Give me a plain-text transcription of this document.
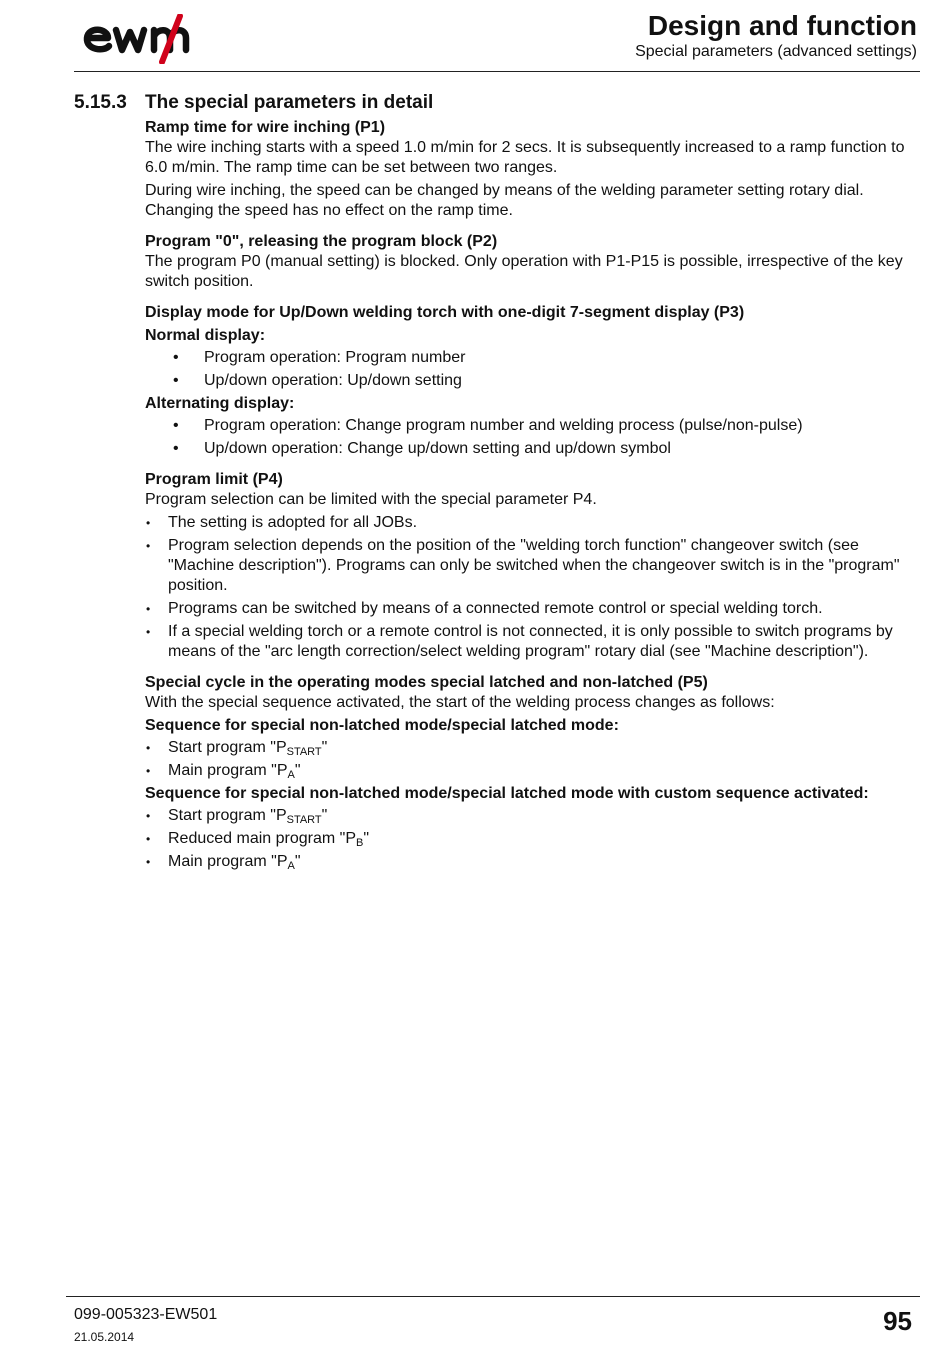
Design and function
Special parameters (advanced settings)
5.15.3 The special parameters in detail
Ramp time for wire inching (P1)

The wire inching starts with a speed 1.0 m/min for 2 secs. It is subsequently increased to a ramp function to 6.0 m/min. The ramp time can be set between two ranges.

During wire inching, the speed can be changed by means of the welding parameter setting rotary dial. Changing the speed has no effect on the ramp time.

Program "0", releasing the program block (P2)

The program P0 (manual setting) is blocked. Only operation with P1-P15 is possible, irrespective of the key switch position.

Display mode for Up/Down welding torch with one-digit 7-segment display (P3)
Normal display:
• Program operation: Program number
• Up/down operation: Up/down setting
Alternating display:
• Program operation: Change program number and welding process (pulse/non-pulse)
• Up/down operation: Change up/down setting and up/down symbol
Program limit (P4)

Program selection can be limited with the special parameter P4.

• The setting is adopted for all JOBs.
• Program selection depends on the position of the "welding torch function" changeover switch (see "Machine description"). Programs can only be switched when the changeover switch is in the "program" position.
• Programs can be switched by means of a connected remote control or special welding torch.
• If a special welding torch or a remote control is not connected, it is only possible to switch programs by means of the "arc length correction/select welding program" rotary dial (see "Machine description").
Special cycle in the operating modes special latched and non-latched (P5)

With the special sequence activated, the start of the welding process changes as follows:

Sequence for special non-latched mode/special latched mode:
• Start program "$P_{START}$"
• Main program "$P_A$"
Sequence for special non-latched mode/special latched mode with custom sequence activated:
• Start program "$P_{START}$"
• Reduced main program "$P_B$"
• Main program "$P_A$"
099-005323-EW501
21.05.2014
95
